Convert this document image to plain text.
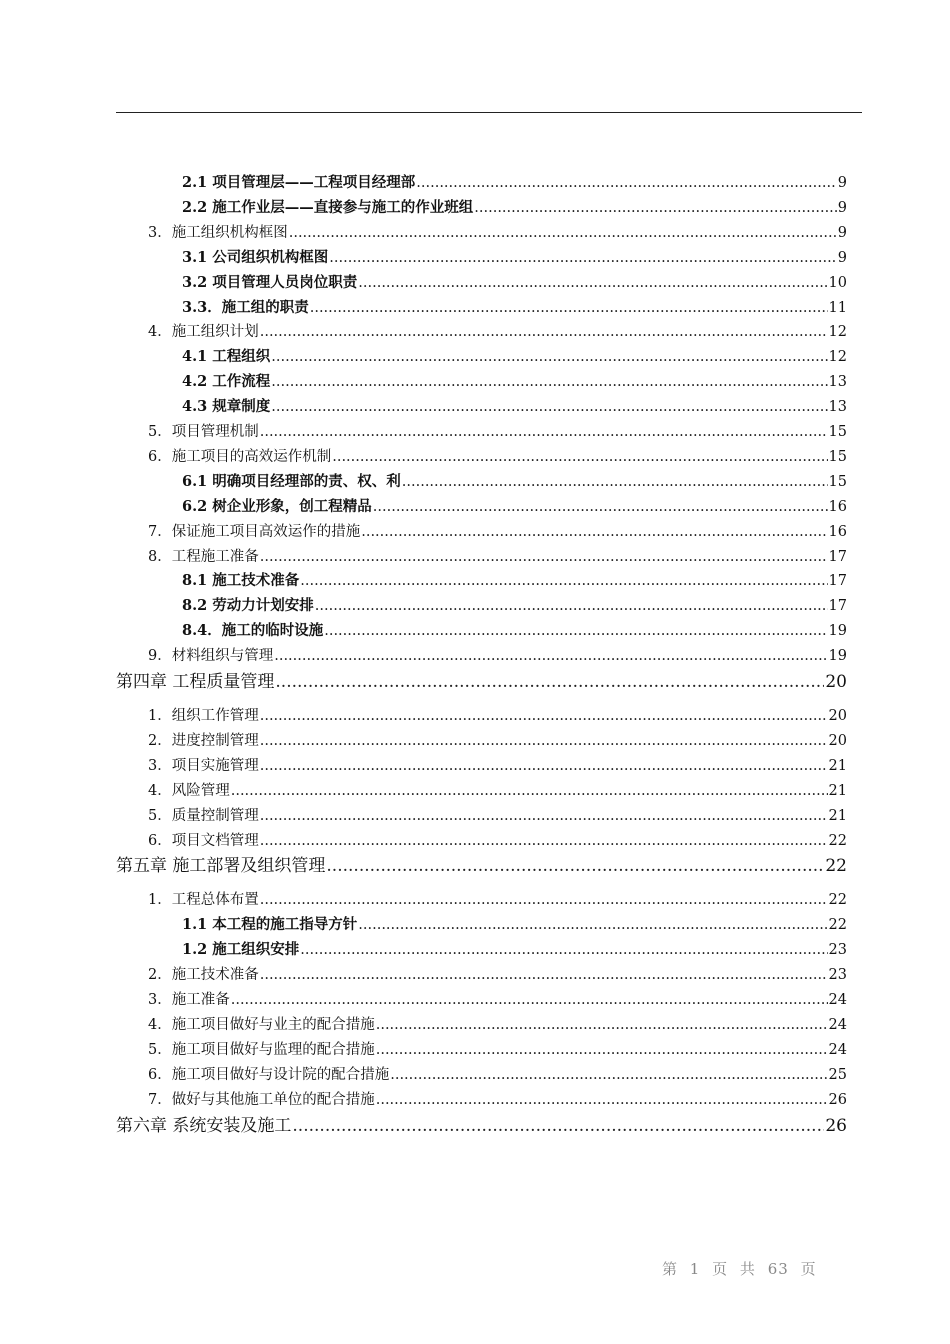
2.1 项目管理层——工程项目经理部 .....	9
2.2 施工作业层——直接参与施工的作业班组 .....	9
3．施工组织机构框图 .....	9
3.1 公司组织机构框图 .....	9
3.2 项目管理人员岗位职责 .....	10
3.3．施工组的职责 .....	11
4．施工组织计划 .....	12
4.1 工程组织 .....	12
4.2 工作流程 .....	13
4.3 规章制度 .....	13
5．项目管理机制 .....	15
6．施工项目的高效运作机制 .....	15
6.1 明确项目经理部的责、权、利 .....	15
6.2 树企业形象，创工程精品 .....	16
7．保证施工项目高效运作的措施 .....	16
8．工程施工准备 .....	17
8.1 施工技术准备 .....	17
8.2 劳动力计划安排 .....	17
8.4．施工的临时设施 .....	19
9．材料组织与管理 .....	19
第四章 工程质量管理 .....	20
1．组织工作管理 .....	20
2．进度控制管理 .....	20
3．项目实施管理 .....	21
4．风险管理 .....	21
5．质量控制管理 .....	21
6．项目文档管理 .....	22
第五章 施工部署及组织管理 .....	22
1．工程总体布置 .....	22
1.1 本工程的施工指导方针 .....	22
1.2 施工组织安排 .....	23
2．施工技术准备 .....	23
3．施工准备 .....	24
4．施工项目做好与业主的配合措施 .....	24
5．施工项目做好与监理的配合措施 .....	24
6．施工项目做好与设计院的配合措施 .....	25
7．做好与其他施工单位的配合措施 .....	26
第六章 系统安装及施工 .....	26
第 1 页 共 63 页
